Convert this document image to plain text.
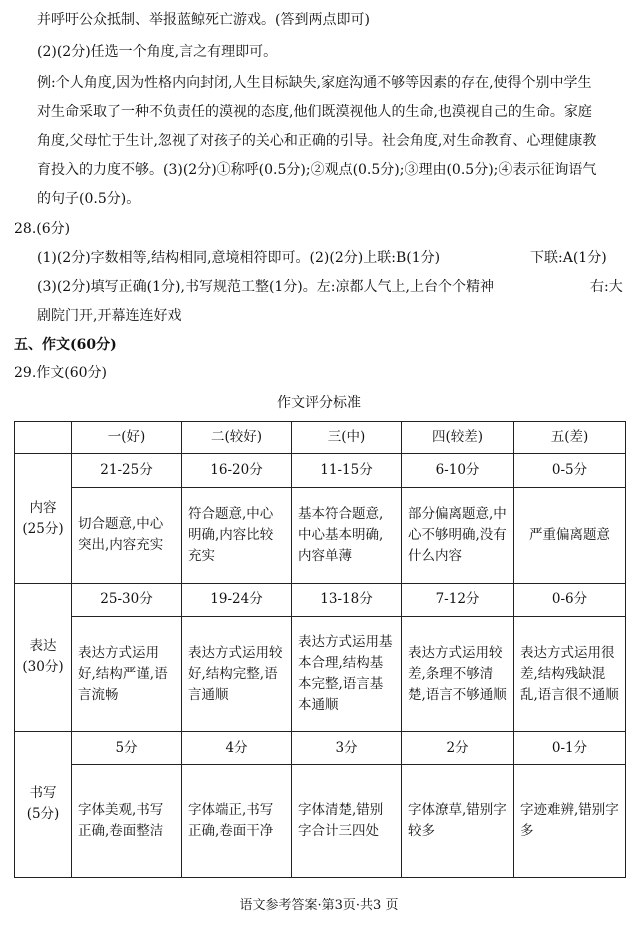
并呼吁公众抵制、举报蓝鲸死亡游戏。(答到两点即可)
(2)(2分)任选一个角度,言之有理即可。
例:个人角度,因为性格内向封闭,人生目标缺失,家庭沟通不够等因素的存在,使得个别中学生
对生命采取了一种不负责任的漠视的态度,他们既漠视他人的生命,也漠视自己的生命。家庭
角度,父母忙于生计,忽视了对孩子的关心和正确的引导。社会角度,对生命教育、心理健康教
育投入的力度不够。(3)(2分)①称呼(0.5分);②观点(0.5分);③理由(0.5分);④表示征询语气
的句子(0.5分)。
28.(6分)
(1)(2分)字数相等,结构相同,意境相符即可。(2)(2分)上联:B(1分)	下联:A(1分)
(3)(2分)填写正确(1分),书写规范工整(1分)。左:凉都人气上,上台个个精神	右:大
剧院门开,开幕连连好戏
五、作文(60分)
29.作文(60分)
作文评分标准
	一(好)	二(较好)	三(中)	四(较差)	五(差)
内容
(25分)	21-25分	16-20分	11-15分	6-10分	0-5分
	切合题意,中心突出,内容充实	符合题意,中心明确,内容比较充实	基本符合题意,中心基本明确,内容单薄	部分偏离题意,中心不够明确,没有什么内容	严重偏离题意
表达
(30分)	25-30分	19-24分	13-18分	7-12分	0-6分
	表达方式运用好,结构严谨,语言流畅	表达方式运用较好,结构完整,语言通顺	表达方式运用基本合理,结构基本完整,语言基本通顺	表达方式运用较差,条理不够清楚,语言不够通顺	表达方式运用很差,结构残缺混乱,语言很不通顺
书写
(5分)	5分	4分	3分	2分	0-1分
	字体美观,书写正确,卷面整洁	字体端正,书写正确,卷面干净	字体清楚,错别字合计三四处	字体潦草,错别字较多	字迹难辨,错别字多
语文参考答案·第3页·共3 页
